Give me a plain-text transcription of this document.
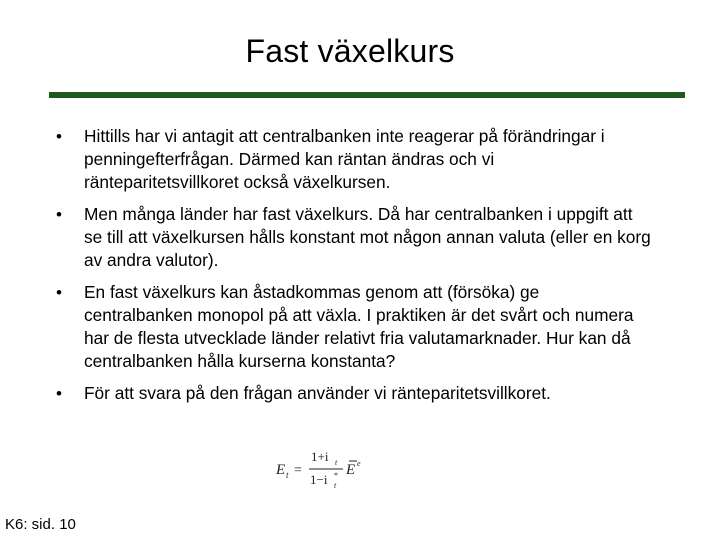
Fast växelkurs
• Hittills har vi antagit att centralbanken inte reagerar på förändringar i penningefterfrågan. Därmed kan räntan ändras och vi ränteparitetsvillkoret också växelkursen.
• Men många länder har fast växelkurs. Då har centralbanken i uppgift att se till att växelkursen hålls konstant mot någon annan valuta (eller en korg av andra valutor).
• En fast växelkurs kan åstadkommas genom att (försöka) ge centralbanken monopol på att växla. I praktiken är det svårt och numera har de flesta utvecklade länder relativt fria valutamarknader. Hur kan då centralbanken hålla kurserna konstanta?
• För att svara på den frågan använder vi ränteparitetsvillkoret.
E t =
1+i t
1−i t
* E e
K6: sid. 10
